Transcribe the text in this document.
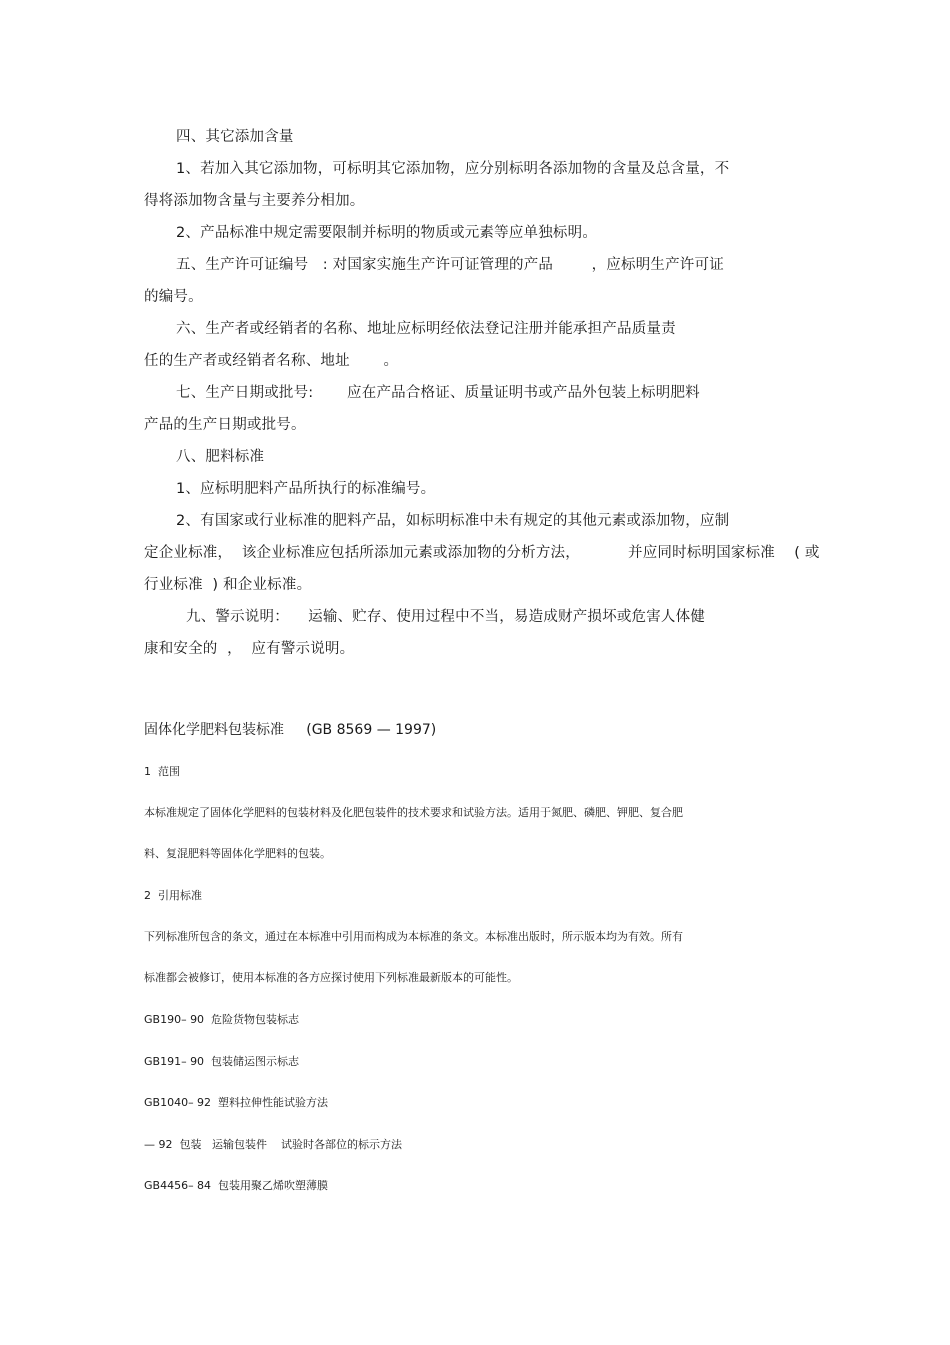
四、其它添加含量
1、若加入其它添加物，可标明其它添加物，应分别标明各添加物的含量及总含量，不
得将添加物含量与主要养分相加。
2、产品标准中规定需要限制并标明的物质或元素等应单独标明。
五、生产许可证编号   : 对国家实施生产许可证管理的产品        ，应标明生产许可证
的编号。
六、生产者或经销者的名称、地址应标明经依法登记注册并能承担产品质量责
任的生产者或经销者名称、地址       。
七、生产日期或批号:       应在产品合格证、质量证明书或产品外包装上标明肥料
产品的生产日期或批号。
八、肥料标准
1、应标明肥料产品所执行的标准编号。
2、有国家或行业标准的肥料产品，如标明标准中未有规定的其他元素或添加物，应制
定企业标准，  该企业标准应包括所添加元素或添加物的分析方法，          并应同时标明国家标准    ( 或
行业标准  ) 和企业标准。
九、警示说明：    运输、贮存、使用过程中不当，易造成财产损坏或危害人体健
康和安全的  ，  应有警示说明。
固体化学肥料包装标准     (GB 8569 — 1997)
1  范围
本标准规定了固体化学肥料的包装材料及化肥包装件的技术要求和试验方法。适用于氮肥、磷肥、钾肥、复合肥
料、复混肥料等固体化学肥料的包装。
2  引用标准
下列标准所包含的条文，通过在本标准中引用而构成为本标准的条文。本标准出版时，所示版本均为有效。所有
标准都会被修订，使用本标准的各方应探讨使用下列标准最新版本的可能性。
GB190– 90  危险货物包装标志
GB191– 90  包装储运图示标志
GB1040– 92  塑料拉伸性能试验方法
— 92  包装   运输包装件    试验时各部位的标示方法
GB4456– 84  包装用聚乙烯吹塑薄膜
